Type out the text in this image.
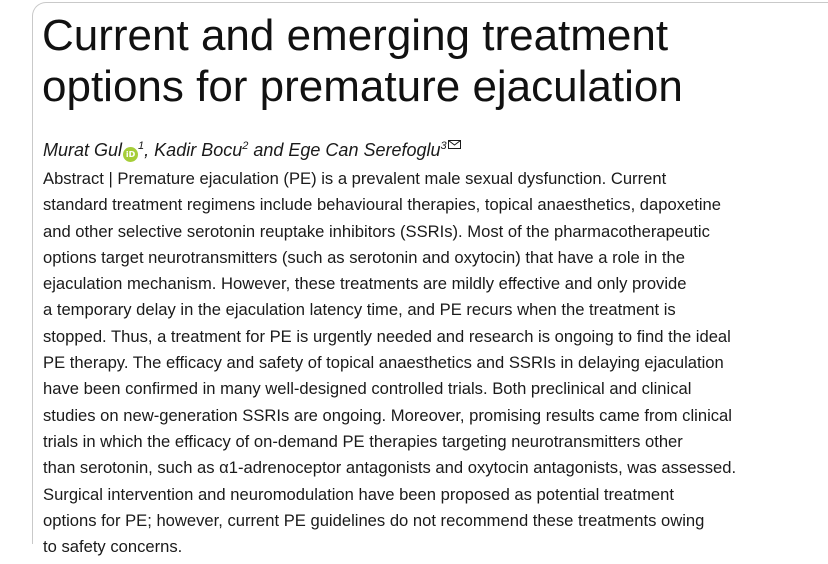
Current and emerging treatment
options for premature ejaculation
Murat Gul $iD^1$, Kadir Bocu$^2$ and Ege Can Serefoglu$^3$

Abstract | Premature ejaculation (PE) is a prevalent male sexual dysfunction. Current
standard treatment regimens include behavioural therapies, topical anaesthetics, dapoxetine
and other selective serotonin reuptake inhibitors (SSRIs). Most of the pharmacotherapeutic
options target neurotransmitters (such as serotonin and oxytocin) that have a role in the
ejaculation mechanism. However, these treatments are mildly effective and only provide
a temporary delay in the ejaculation latency time, and PE recurs when the treatment is
stopped. Thus, a treatment for PE is urgently needed and research is ongoing to find the ideal
PE therapy. The efficacy and safety of topical anaesthetics and SSRIs in delaying ejaculation
have been confirmed in many well-designed controlled trials. Both preclinical and clinical
studies on new-generation SSRIs are ongoing. Moreover, promising results came from clinical
trials in which the efficacy of on-demand PE therapies targeting neurotransmitters other
than serotonin, such as α1-adrenoceptor antagonists and oxytocin antagonists, was assessed.
Surgical intervention and neuromodulation have been proposed as potential treatment
options for PE; however, current PE guidelines do not recommend these treatments owing
to safety concerns.
